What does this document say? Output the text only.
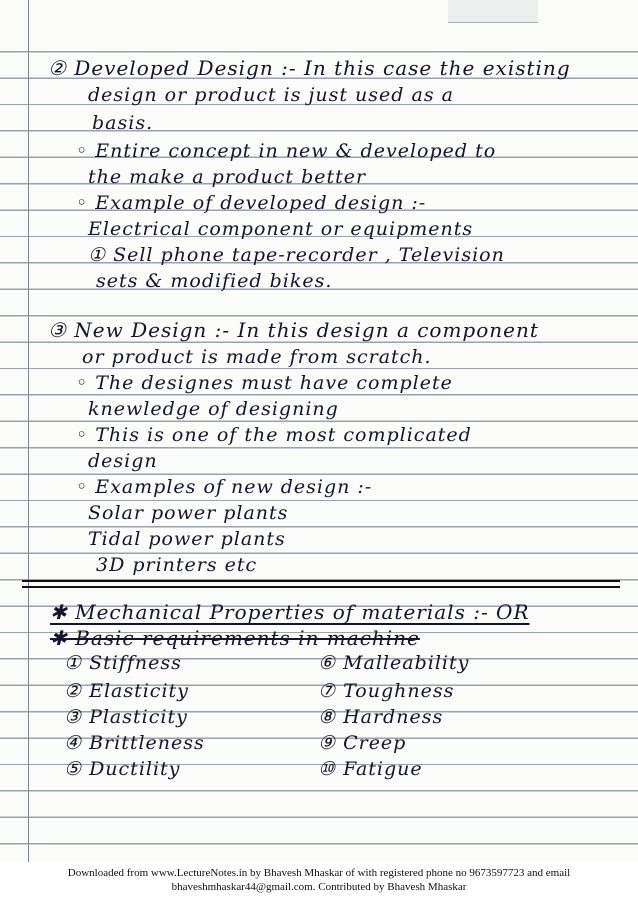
② Developed Design :- In this case the existing
design or product is just used as a
basis.
◦ Entire concept in new & developed to
the make a product better
◦ Example of developed design :-
Electrical component or equipments
① Sell phone tape-recorder , Television
sets & modified bikes.
③ New Design :- In this design a component
or product is made from scratch.
◦ The designes must have complete
knewledge of designing
◦ This is one of the most complicated
design
◦ Examples of new design :-
Solar power plants
Tidal power plants
3D printers etc
✱ Mechanical Properties of materials :- OR
✱ Basic requirements in machine
① Stiffness
② Elasticity
③ Plasticity
④ Brittleness
⑤ Ductility
⑥ Malleability
⑦ Toughness
⑧ Hardness
⑨ Creep
⑩ Fatigue
Downloaded from www.LectureNotes.in by Bhavesh Mhaskar of with registered phone no 9673597723 and email
bhaveshmhaskar44@gmail.com. Contributed by Bhavesh Mhaskar
